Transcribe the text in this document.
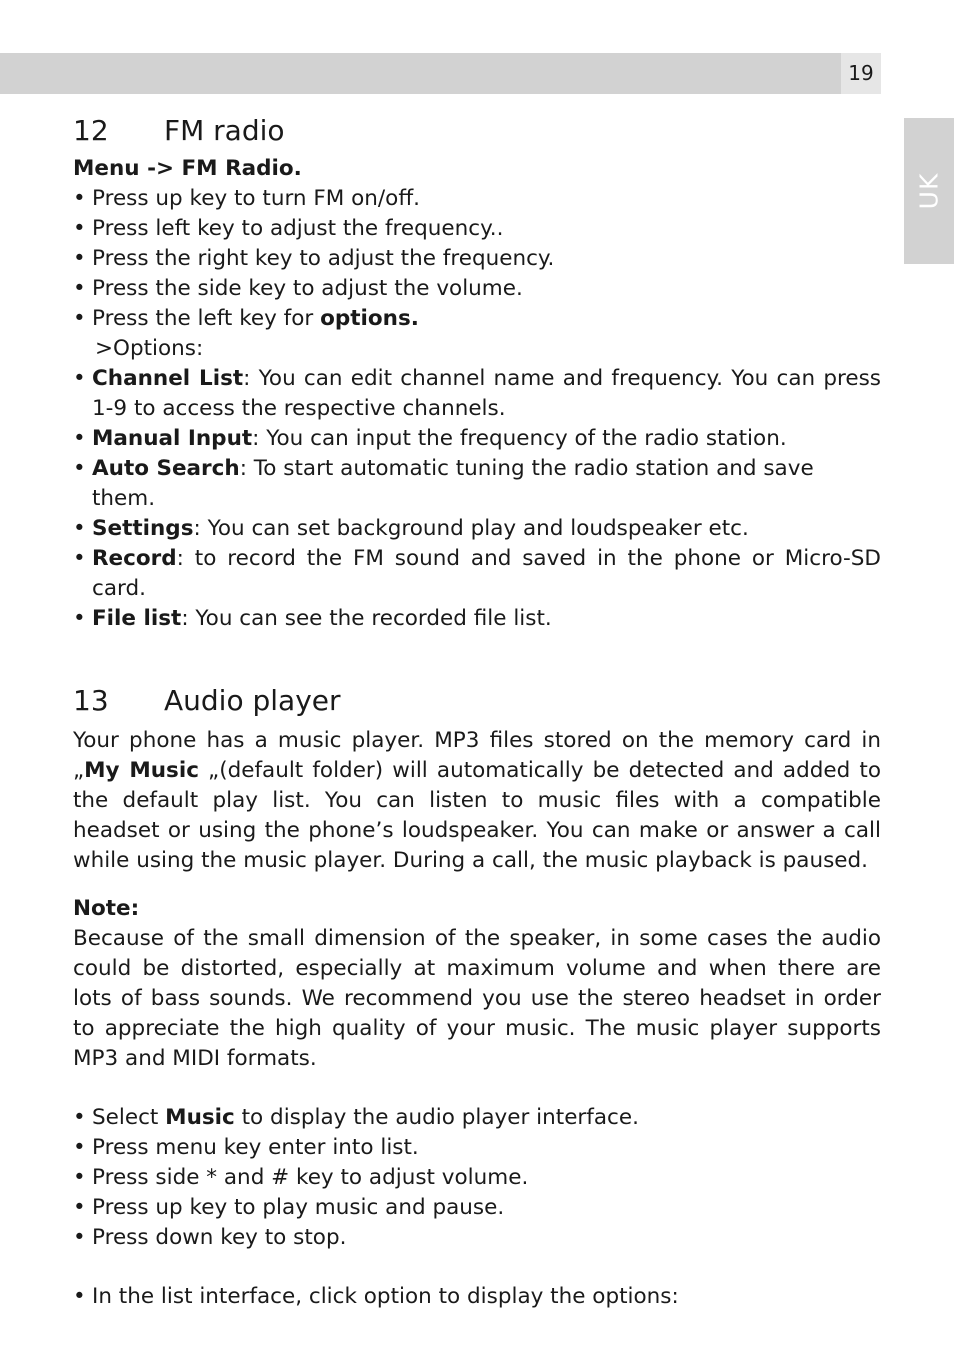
19
UK
12	FM radio
Menu -> FM Radio.
• Press up key to turn FM on/off.
• Press left key to adjust the frequency..
• Press the right key to adjust the frequency.
• Press the side key to adjust the volume.
• Press the left key for options.
>Options:
• Channel List: You can edit channel name and frequency. You can press 1-9 to access the respective channels.
• Manual Input: You can input the frequency of the radio station.
• Auto Search: To start automatic tuning the radio station and save them.
• Settings: You can set background play and loudspeaker etc.
• Record: to record the FM sound and saved in the phone or Micro-SD card.
• File list: You can see the recorded file list.
13	Audio player
Your phone has a music player. MP3 files stored on the memory card in „My Music „(default folder) will automatically be detected and added to the default play list. You can listen to music files with a compatible headset or using the phone’s loudspeaker. You can make or answer a call while using the music player. During a call, the music playback is paused.
Note:
Because of the small dimension of the speaker, in some cases the audio could be distorted, especially at maximum volume and when there are lots of bass sounds. We recommend you use the stereo headset in order to appreciate the high quality of your music. The music player supports MP3 and MIDI formats.
• Select Music to display the audio player interface.
• Press menu key enter into list.
• Press side * and # key to adjust volume.
• Press up key to play music and pause.
• Press down key to stop.
• In the list interface, click option to display the options:
